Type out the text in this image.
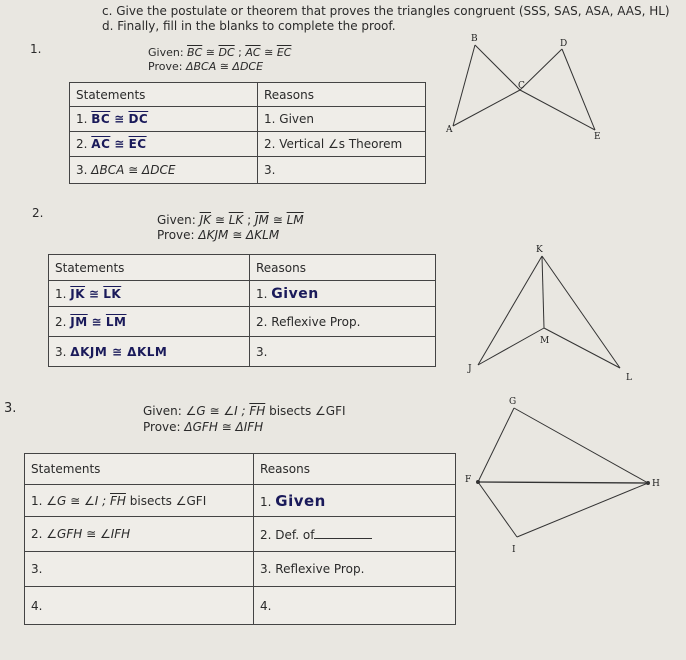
c. Give the postulate or theorem that proves the triangles congruent (SSS, SAS, ASA, AAS, HL)
d. Finally, fill in the blanks to complete the proof.
1.	Given: $\overline{BC}$ ≅ $\overline{DC}$ ; $\overline{AC}$ ≅ $\overline{EC}$
Prove: ΔBCA ≅ ΔDCE
Statements	Reasons
1. $\overline{BC}$ ≅ $\overline{DC}$	1. Given
2. $\overline{AC}$ ≅ $\overline{EC}$	2. Vertical ∠s Theorem
3. ΔBCA ≅ ΔDCE	3.
B	D
C
A
E
2.	Given: $\overline{JK}$ ≅ $\overline{LK}$ ; $\overline{JM}$ ≅ $\overline{LM}$
Prove: ΔKJM ≅ ΔKLM
Statements	Reasons
1. $\overline{JK}$ ≅ $\overline{LK}$	1. Given
2. $\overline{JM}$ ≅ $\overline{LM}$	2. Reflexive Prop.
3. ΔKJM ≅ ΔKLM	3.
K
M
J
L
3.	Given: ∠G ≅ ∠I ; $\overline{FH}$ bisects ∠GFI
Prove: ΔGFH ≅ ΔIFH
Statements	Reasons
1. ∠G ≅ ∠I ; $\overline{FH}$ bisects ∠GFI	1. Given
2. ∠GFH ≅ ∠IFH	2. Def. of
3.	3. Reflexive Prop.
4.	4.
G
F	H
I
